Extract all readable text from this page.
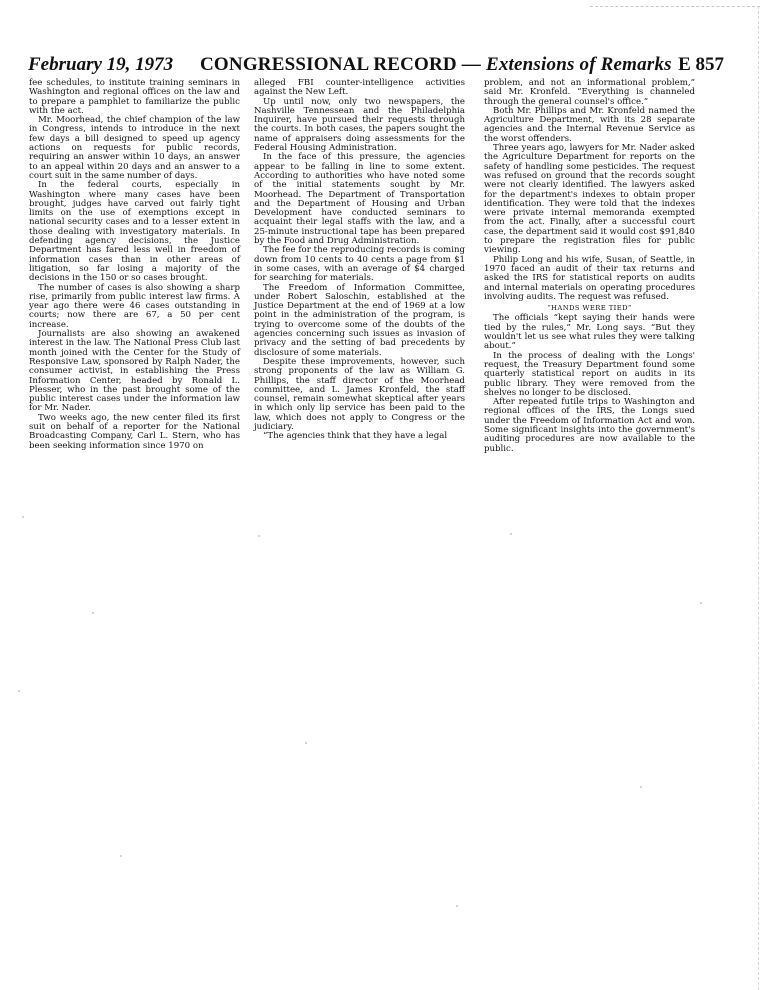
February 19, 1973 CONGRESSIONAL RECORD — Extensions of Remarks E 857

fee schedules, to institute training seminars in Washington and regional offices on the law and to prepare a pamphlet to familiarize the public with the act.

Mr. Moorhead, the chief champion of the law in Congress, intends to introduce in the next few days a bill designed to speed up agency actions on requests for public records, requiring an answer within 10 days, an answer to an appeal within 20 days and an answer to a court suit in the same number of days.

In the federal courts, especially in Washington where many cases have been brought, judges have carved out fairly tight limits on the use of exemptions except in national security cases and to a lesser extent in those dealing with investigatory materials. In defending agency decisions, the Justice Department has fared less well in freedom of information cases than in other areas of litigation, so far losing a majority of the decisions in the 150 or so cases brought.

The number of cases is also showing a sharp rise, primarily from public interest law firms. A year ago there were 46 cases outstanding in courts; now there are 67, a 50 per cent increase.

Journalists are also showing an awakened interest in the law. The National Press Club last month joined with the Center for the Study of Responsive Law, sponsored by Ralph Nader, the consumer activist, in establishing the Press Information Center, headed by Ronald L. Plesser, who in the past brought some of the public interest cases under the information law for Mr. Nader.

Two weeks ago, the new center filed its first suit on behalf of a reporter for the National Broadcasting Company, Carl L. Stern, who has been seeking information since 1970 on

alleged FBI counter-intelligence activities against the New Left.

Up until now, only two newspapers, the Nashville Tennessean and the Philadelphia Inquirer, have pursued their requests through the courts. In both cases, the papers sought the name of appraisers doing assessments for the Federal Housing Administration.

In the face of this pressure, the agencies appear to be falling in line to some extent. According to authorities who have noted some of the initial statements sought by Mr. Moorhead. The Department of Transportation and the Department of Housing and Urban Development have conducted seminars to acquaint their legal staffs with the law, and a 25-minute instructional tape has been prepared by the Food and Drug Administration.

The fee for the reproducing records is coming down from 10 cents to 40 cents a page from $1 in some cases, with an average of $4 charged for searching for materials.

The Freedom of Information Committee, under Robert Saloschin, established at the Justice Department at the end of 1969 at a low point in the administration of the program, is trying to overcome some of the doubts of the agencies concerning such issues as invasion of privacy and the setting of bad precedents by disclosure of some materials.

Despite these improvements, however, such strong proponents of the law as William G. Phillips, the staff director of the Moorhead committee, and L. James Kronfeld, the staff counsel, remain somewhat skeptical after years in which only lip service has been paid to the law, which does not apply to Congress or the judiciary.

“The agencies think that they have a legal

problem, and not an informational problem,” said Mr. Kronfeld. “Everything is channeled through the general counsel's office.”

Both Mr. Phillips and Mr. Kronfeld named the Agriculture Department, with its 28 separate agencies and the Internal Revenue Service as the worst offenders.

Three years ago, lawyers for Mr. Nader asked the Agriculture Department for reports on the safety of handling some pesticides. The request was refused on ground that the records sought were not clearly identified. The lawyers asked for the department's indexes to obtain proper identification. They were told that the indexes were private internal memoranda exempted from the act. Finally, after a successful court case, the department said it would cost $91,840 to prepare the registration files for public viewing.

Philip Long and his wife, Susan, of Seattle, in 1970 faced an audit of their tax returns and asked the IRS for statistical reports on audits and internal materials on operating procedures involving audits. The request was refused.

“HANDS WERE TIED”

The officials “kept saying their hands were tied by the rules,” Mr. Long says. “But they wouldn't let us see what rules they were talking about.”

In the process of dealing with the Longs' request, the Treasury Department found some quarterly statistical report on audits in its public library. They were removed from the shelves no longer to be disclosed.

After repeated futile trips to Washington and regional offices of the IRS, the Longs sued under the Freedom of Information Act and won. Some significant insights into the government's auditing procedures are now available to the public.
